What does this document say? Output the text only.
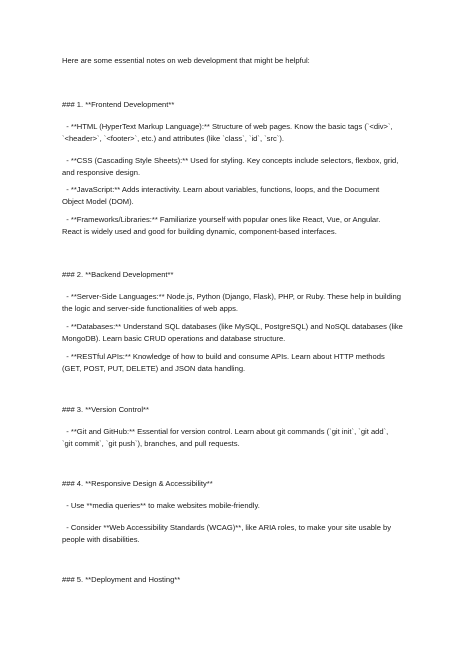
Here are some essential notes on web development that might be helpful:
### 1. **Frontend Development**
- **HTML (HyperText Markup Language):** Structure of web pages. Know the basic tags (`<div>`,
`<header>`, `<footer>`, etc.) and attributes (like `class`, `id`, `src`).
- **CSS (Cascading Style Sheets):** Used for styling. Key concepts include selectors, flexbox, grid,
and responsive design.
- **JavaScript:** Adds interactivity. Learn about variables, functions, loops, and the Document
Object Model (DOM).
- **Frameworks/Libraries:** Familiarize yourself with popular ones like React, Vue, or Angular.
React is widely used and good for building dynamic, component-based interfaces.
### 2. **Backend Development**
- **Server-Side Languages:** Node.js, Python (Django, Flask), PHP, or Ruby. These help in building
the logic and server-side functionalities of web apps.
- **Databases:** Understand SQL databases (like MySQL, PostgreSQL) and NoSQL databases (like
MongoDB). Learn basic CRUD operations and database structure.
- **RESTful APIs:** Knowledge of how to build and consume APIs. Learn about HTTP methods
(GET, POST, PUT, DELETE) and JSON data handling.
### 3. **Version Control**
- **Git and GitHub:** Essential for version control. Learn about git commands (`git init`, `git add`,
`git commit`, `git push`), branches, and pull requests.
### 4. **Responsive Design & Accessibility**
- Use **media queries** to make websites mobile-friendly.
- Consider **Web Accessibility Standards (WCAG)**, like ARIA roles, to make your site usable by
people with disabilities.
### 5. **Deployment and Hosting**
